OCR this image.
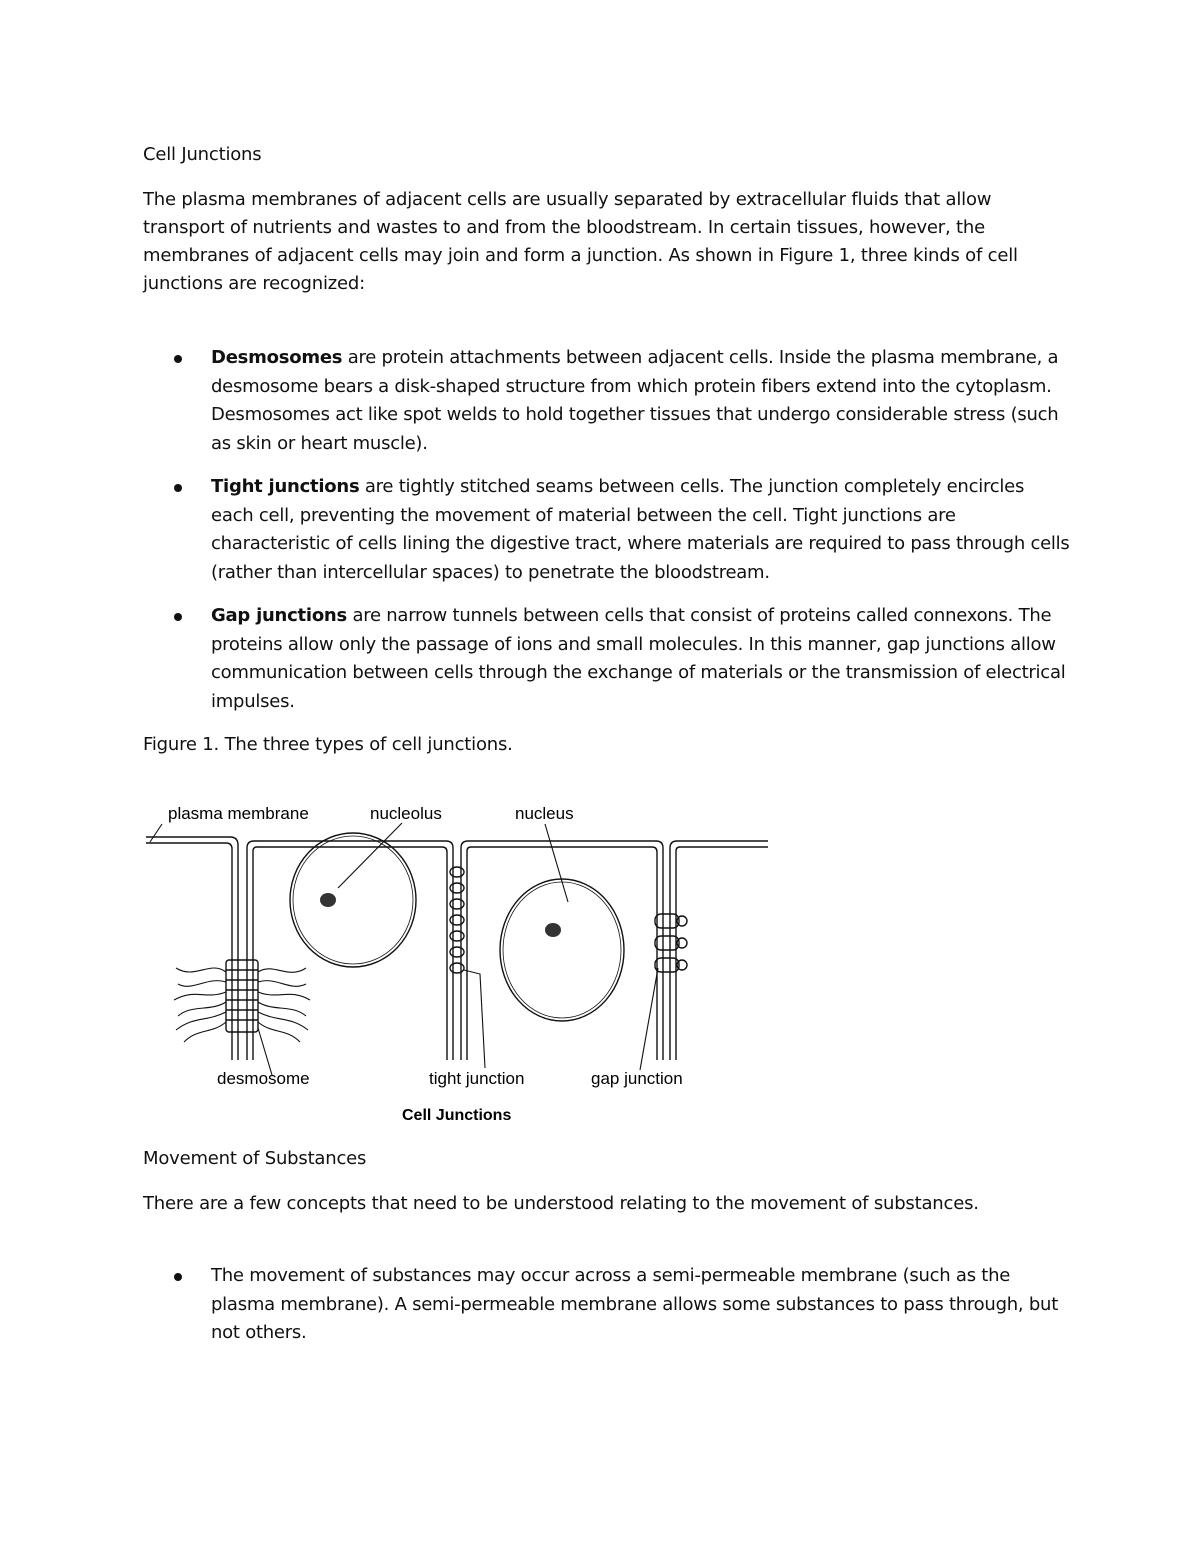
Cell Junctions

The plasma membranes of adjacent cells are usually separated by extracellular fluids that allow transport of nutrients and wastes to and from the bloodstream. In certain tissues, however, the membranes of adjacent cells may join and form a junction. As shown in Figure 1, three kinds of cell junctions are recognized:

Desmosomes are protein attachments between adjacent cells. Inside the plasma membrane, a desmosome bears a disk-shaped structure from which protein fibers extend into the cytoplasm. Desmosomes act like spot welds to hold together tissues that undergo considerable stress (such as skin or heart muscle).

Tight junctions are tightly stitched seams between cells. The junction completely encircles each cell, preventing the movement of material between the cell. Tight junctions are characteristic of cells lining the digestive tract, where materials are required to pass through cells (rather than intercellular spaces) to penetrate the bloodstream.

Gap junctions are narrow tunnels between cells that consist of proteins called connexons. The proteins allow only the passage of ions and small molecules. In this manner, gap junctions allow communication between cells through the exchange of materials or the transmission of electrical impulses.

Figure 1. The three types of cell junctions.

plasma membrane	nucleolus	nucleus
desmosome	tight junction	gap junction
Cell Junctions
Movement of Substances

There are a few concepts that need to be understood relating to the movement of substances.

The movement of substances may occur across a semi-permeable membrane (such as the plasma membrane). A semi-permeable membrane allows some substances to pass through, but not others.
